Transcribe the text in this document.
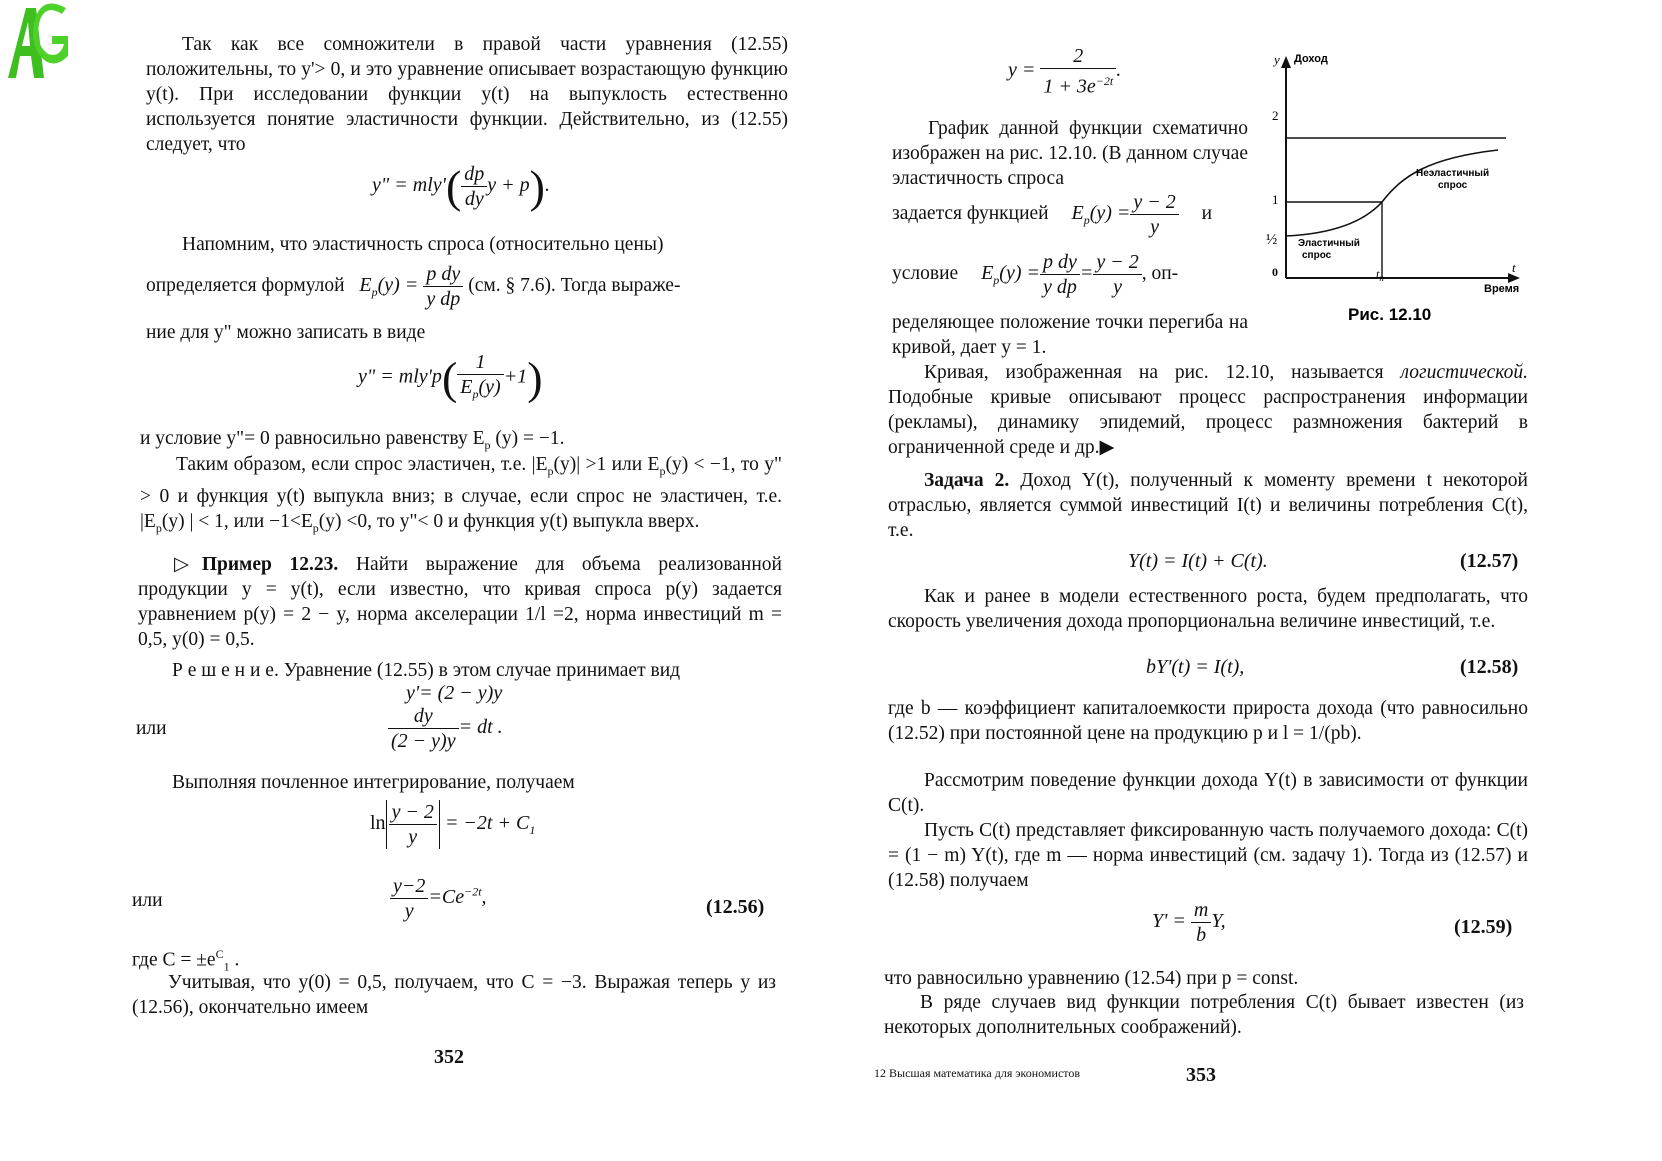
Так как все сомножители в правой части уравнения (12.55) положительны, то y'> 0, и это уравнение описывает возрастающую функцию y(t). При исследовании функции y(t) на выпуклость естественно используется понятие эластичности функции. Действительно, из (12.55) следует, что

y" = $mly'( \frac{dp}{dy}$ y + p).

Напомним, что эластичность спроса (относительно цены)

определяется формулой $E_p(y) = \frac{\text{p dy}}{\text{y dp}} (см$. § 7.6). Тогда выраже-

ние для y" можно записать в виде

y" = $mly'p( \frac{1}{E_p(y)} +1)$

и условие y"= 0 равносильно равенству $E_p$ (y) = −1.

Таким образом, если спрос эластичен, т.е. $|E_p(y)| >1$ или $E_p(y) < -1$, то y" > 0 и функция y(t) выпукла вниз; в случае, если спрос не эластичен, т.е. $|E_p(y)$ | < 1, или $-1<E_p(y) <0$, то y"< 0 и функция y(t) выпукла вверх.

▷Пример 12.23. Найти выражение для объема реализованной продукции y = y(t), если известно, что кривая спроса p(y) задается уравнением p(y) = 2 − y, норма акселерации 1/l =2, норма инвестиций m = 0,5, y(0) = 0,5.

Р е ш е н и е. Уравнение (12.55) в этом случае принимает вид

y'= (2 − y)y
или	$\frac{dy}{(2 - y)y}$ = dt .

Выполняя почленное интегрирование, получаем

$\ln \frac{y - 2}{y} = -2t + C_1$
или	$\frac{y-2}{y} =Ce^{-2t}$,	(12.56)

где $C = \pm e^C_1$ .

Учитывая, что y(0) = 0,5, получаем, что C = −3. Выражая теперь y из (12.56), окончательно имеем

352
$y = \frac{2}{1 + 3e^{-2t}}$ .

График данной функции схематично изображен на рис. 12.10. (В данном случае эластичность спроса

задается функцией $E_p(y) = \frac{y - 2}{y}$ и
условие $E_p(y) = \frac{\text{p dy}}{\text{y dp}} = \frac{y - 2}{y}$ , оп-

ределяющее положение точки перегиба на кривой, дает y = 1.

y Доход
2
1
½
0	$t_n$
t
Время
Эластичный
спрос
Неэластичный
спрос
Рис. 12.10

Кривая, изображенная на рис. 12.10, называется логистической. Подобные кривые описывают процесс распространения информации (рекламы), динамику эпидемий, процесс размножения бактерий в ограниченной среде и др.▶

Задача 2. Доход Y(t), полученный к моменту времени t некоторой отраслью, является суммой инвестиций I(t) и величины потребления C(t), т.е.

Y(t) = I(t) + C(t).	(12.57)

Как и ранее в модели естественного роста, будем предполагать, что скорость увеличения дохода пропорциональна величине инвестиций, т.е.

bY'(t) = I(t),	(12.58)

где b — коэффициент капиталоемкости прироста дохода (что равносильно (12.52) при постоянной цене на продукцию p и l = 1/(pb).

Рассмотрим поведение функции дохода Y(t) в зависимости от функции C(t).

Пусть C(t) представляет фиксированную часть получаемого дохода: C(t) = (1 − m) Y(t), где m — норма инвестиций (см. задачу 1). Тогда из (12.57) и (12.58) получаем

$Y' = \frac{m}{b} Y$,	(12.59)

что равносильно уравнению (12.54) при p = const.

В ряде случаев вид функции потребления C(t) бывает известен (из некоторых дополнительных соображений).

12 Высшая математика для экономистов	353
